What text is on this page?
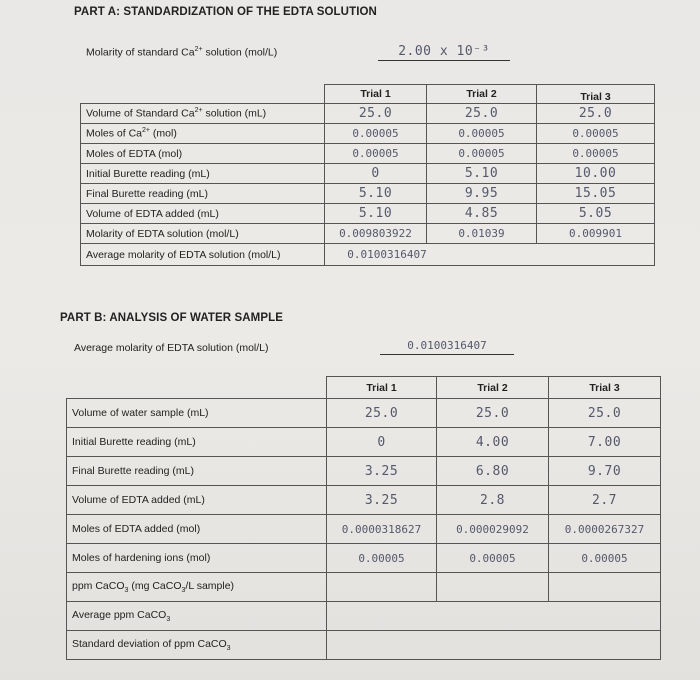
PART A: STANDARDIZATION OF THE EDTA SOLUTION
Molarity of standard $Ca^{2+}$ solution (mol/L)	2.00 x 10⁻³
	Trial 1	Trial 2	Trial 3
Volume of Standard $Ca^{2+}$ solution (mL)	25.0	25.0	25.0
Moles of $Ca^{2+}$ (mol)	0.00005	0.00005	0.00005
Moles of EDTA (mol)	0.00005	0.00005	0.00005
Initial Burette reading (mL)	0	5.10	10.00
Final Burette reading (mL)	5.10	9.95	15.05
Volume of EDTA added (mL)	5.10	4.85	5.05
Molarity of EDTA solution (mol/L)	0.009803922	0.01039	0.009901
Average molarity of EDTA solution (mol/L)	0.0100316407		
PART B: ANALYSIS OF WATER SAMPLE
Average molarity of EDTA solution (mol/L)	0.0100316407
	Trial 1	Trial 2	Trial 3
Volume of water sample (mL)	25.0	25.0	25.0
Initial Burette reading (mL)	0	4.00	7.00
Final Burette reading (mL)	3.25	6.80	9.70
Volume of EDTA added (mL)	3.25	2.8	2.7
Moles of EDTA added (mol)	0.0000318627	0.000029092	0.0000267327
Moles of hardening ions (mol)	0.00005	0.00005	0.00005
ppm CaCO$_3$ (mg CaCO$_3$/L sample)			
Average ppm CaCO$_3$	
Standard deviation of ppm CaCO$_3$	
